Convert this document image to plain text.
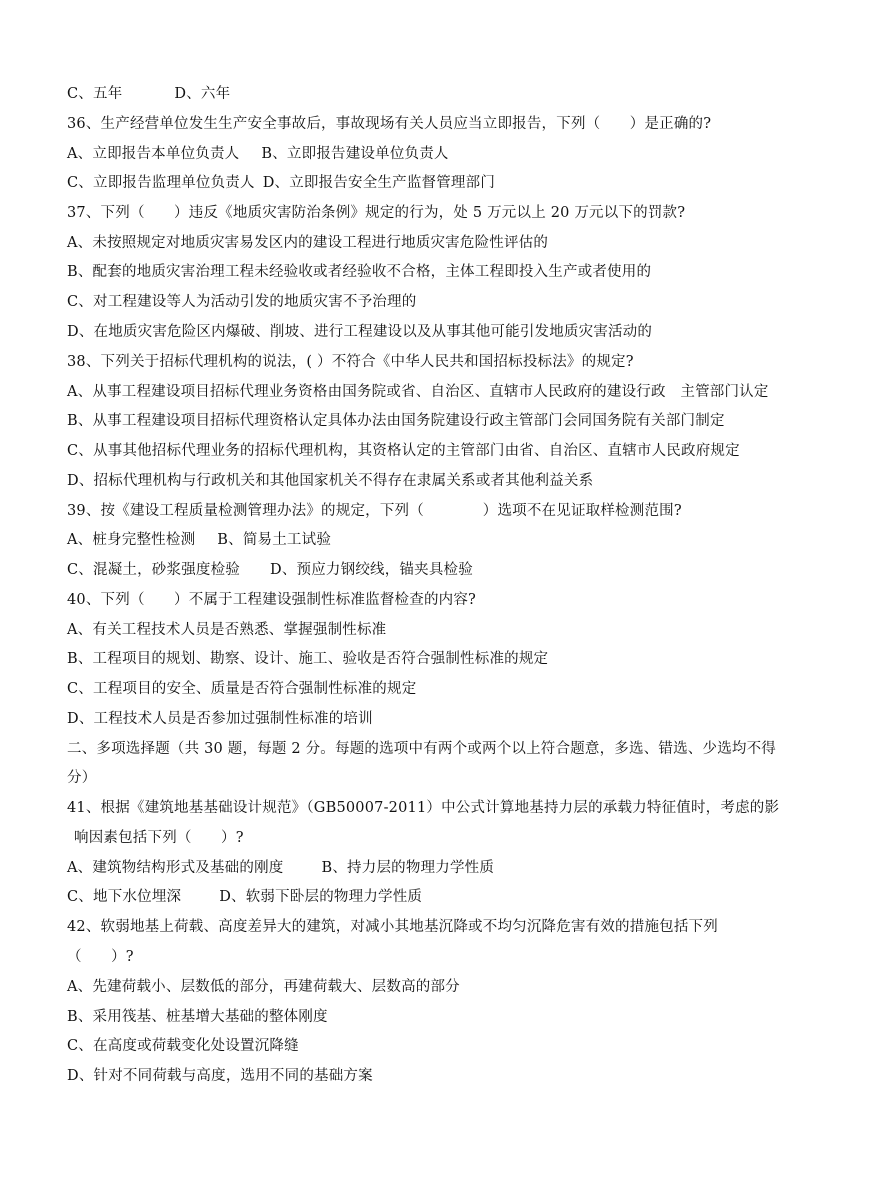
C、五年	D、六年
36、生产经营单位发生生产安全事故后，事故现场有关人员应当立即报告，下列（　　）是正确的?
A、立即报告本单位负责人 B、立即报告建设单位负责人
C、立即报告监理单位负责人 D、立即报告安全生产监督管理部门
37、下列（　　）违反《地质灾害防治条例》规定的行为，处 5 万元以上 20 万元以下的罚款?
A、未按照规定对地质灾害易发区内的建设工程进行地质灾害危险性评估的
B、配套的地质灾害治理工程未经验收或者经验收不合格，主体工程即投入生产或者使用的
C、对工程建设等人为活动引发的地质灾害不予治理的
D、在地质灾害危险区内爆破、削坡、进行工程建设以及从事其他可能引发地质灾害活动的
38、下列关于招标代理机构的说法，( ）不符合《中华人民共和国招标投标法》的规定?
A、从事工程建设项目招标代理业务资格由国务院或省、自治区、直辖市人民政府的建设行政　主管部门认定
B、从事工程建设项目招标代理资格认定具体办法由国务院建设行政主管部门会同国务院有关部门制定
C、从事其他招标代理业务的招标代理机构，其资格认定的主管部门由省、自治区、直辖市人民政府规定
D、招标代理机构与行政机关和其他国家机关不得存在隶属关系或者其他利益关系
39、按《建设工程质量检测管理办法》的规定，下列（　　　　）选项不在见证取样检测范围?
A、桩身完整性检测 B、简易土工试验
C、混凝土，砂浆强度检验 D、预应力钢绞线，锚夹具检验
40、下列（　　）不属于工程建设强制性标准监督检查的内容?
A、有关工程技术人员是否熟悉、掌握强制性标准
B、工程项目的规划、勘察、设计、施工、验收是否符合强制性标准的规定
C、工程项目的安全、质量是否符合强制性标准的规定
D、工程技术人员是否参加过强制性标准的培训
二、多项选择题（共 30 题，每题 2 分。每题的选项中有两个或两个以上符合题意，多选、错选、少选均不得
分）
41、根据《建筑地基基础设计规范》（GB50007-2011）中公式计算地基持力层的承载力特征值时，考虑的影
响因素包括下列（　　）?
A、建筑物结构形式及基础的刚度	B、持力层的物理力学性质
C、地下水位埋深	D、软弱下卧层的物理力学性质
42、软弱地基上荷载、高度差异大的建筑，对减小其地基沉降或不均匀沉降危害有效的措施包括下列
（　　）?
A、先建荷载小、层数低的部分，再建荷载大、层数高的部分
B、采用筏基、桩基增大基础的整体刚度
C、在高度或荷载变化处设置沉降缝
D、针对不同荷载与高度，选用不同的基础方案
